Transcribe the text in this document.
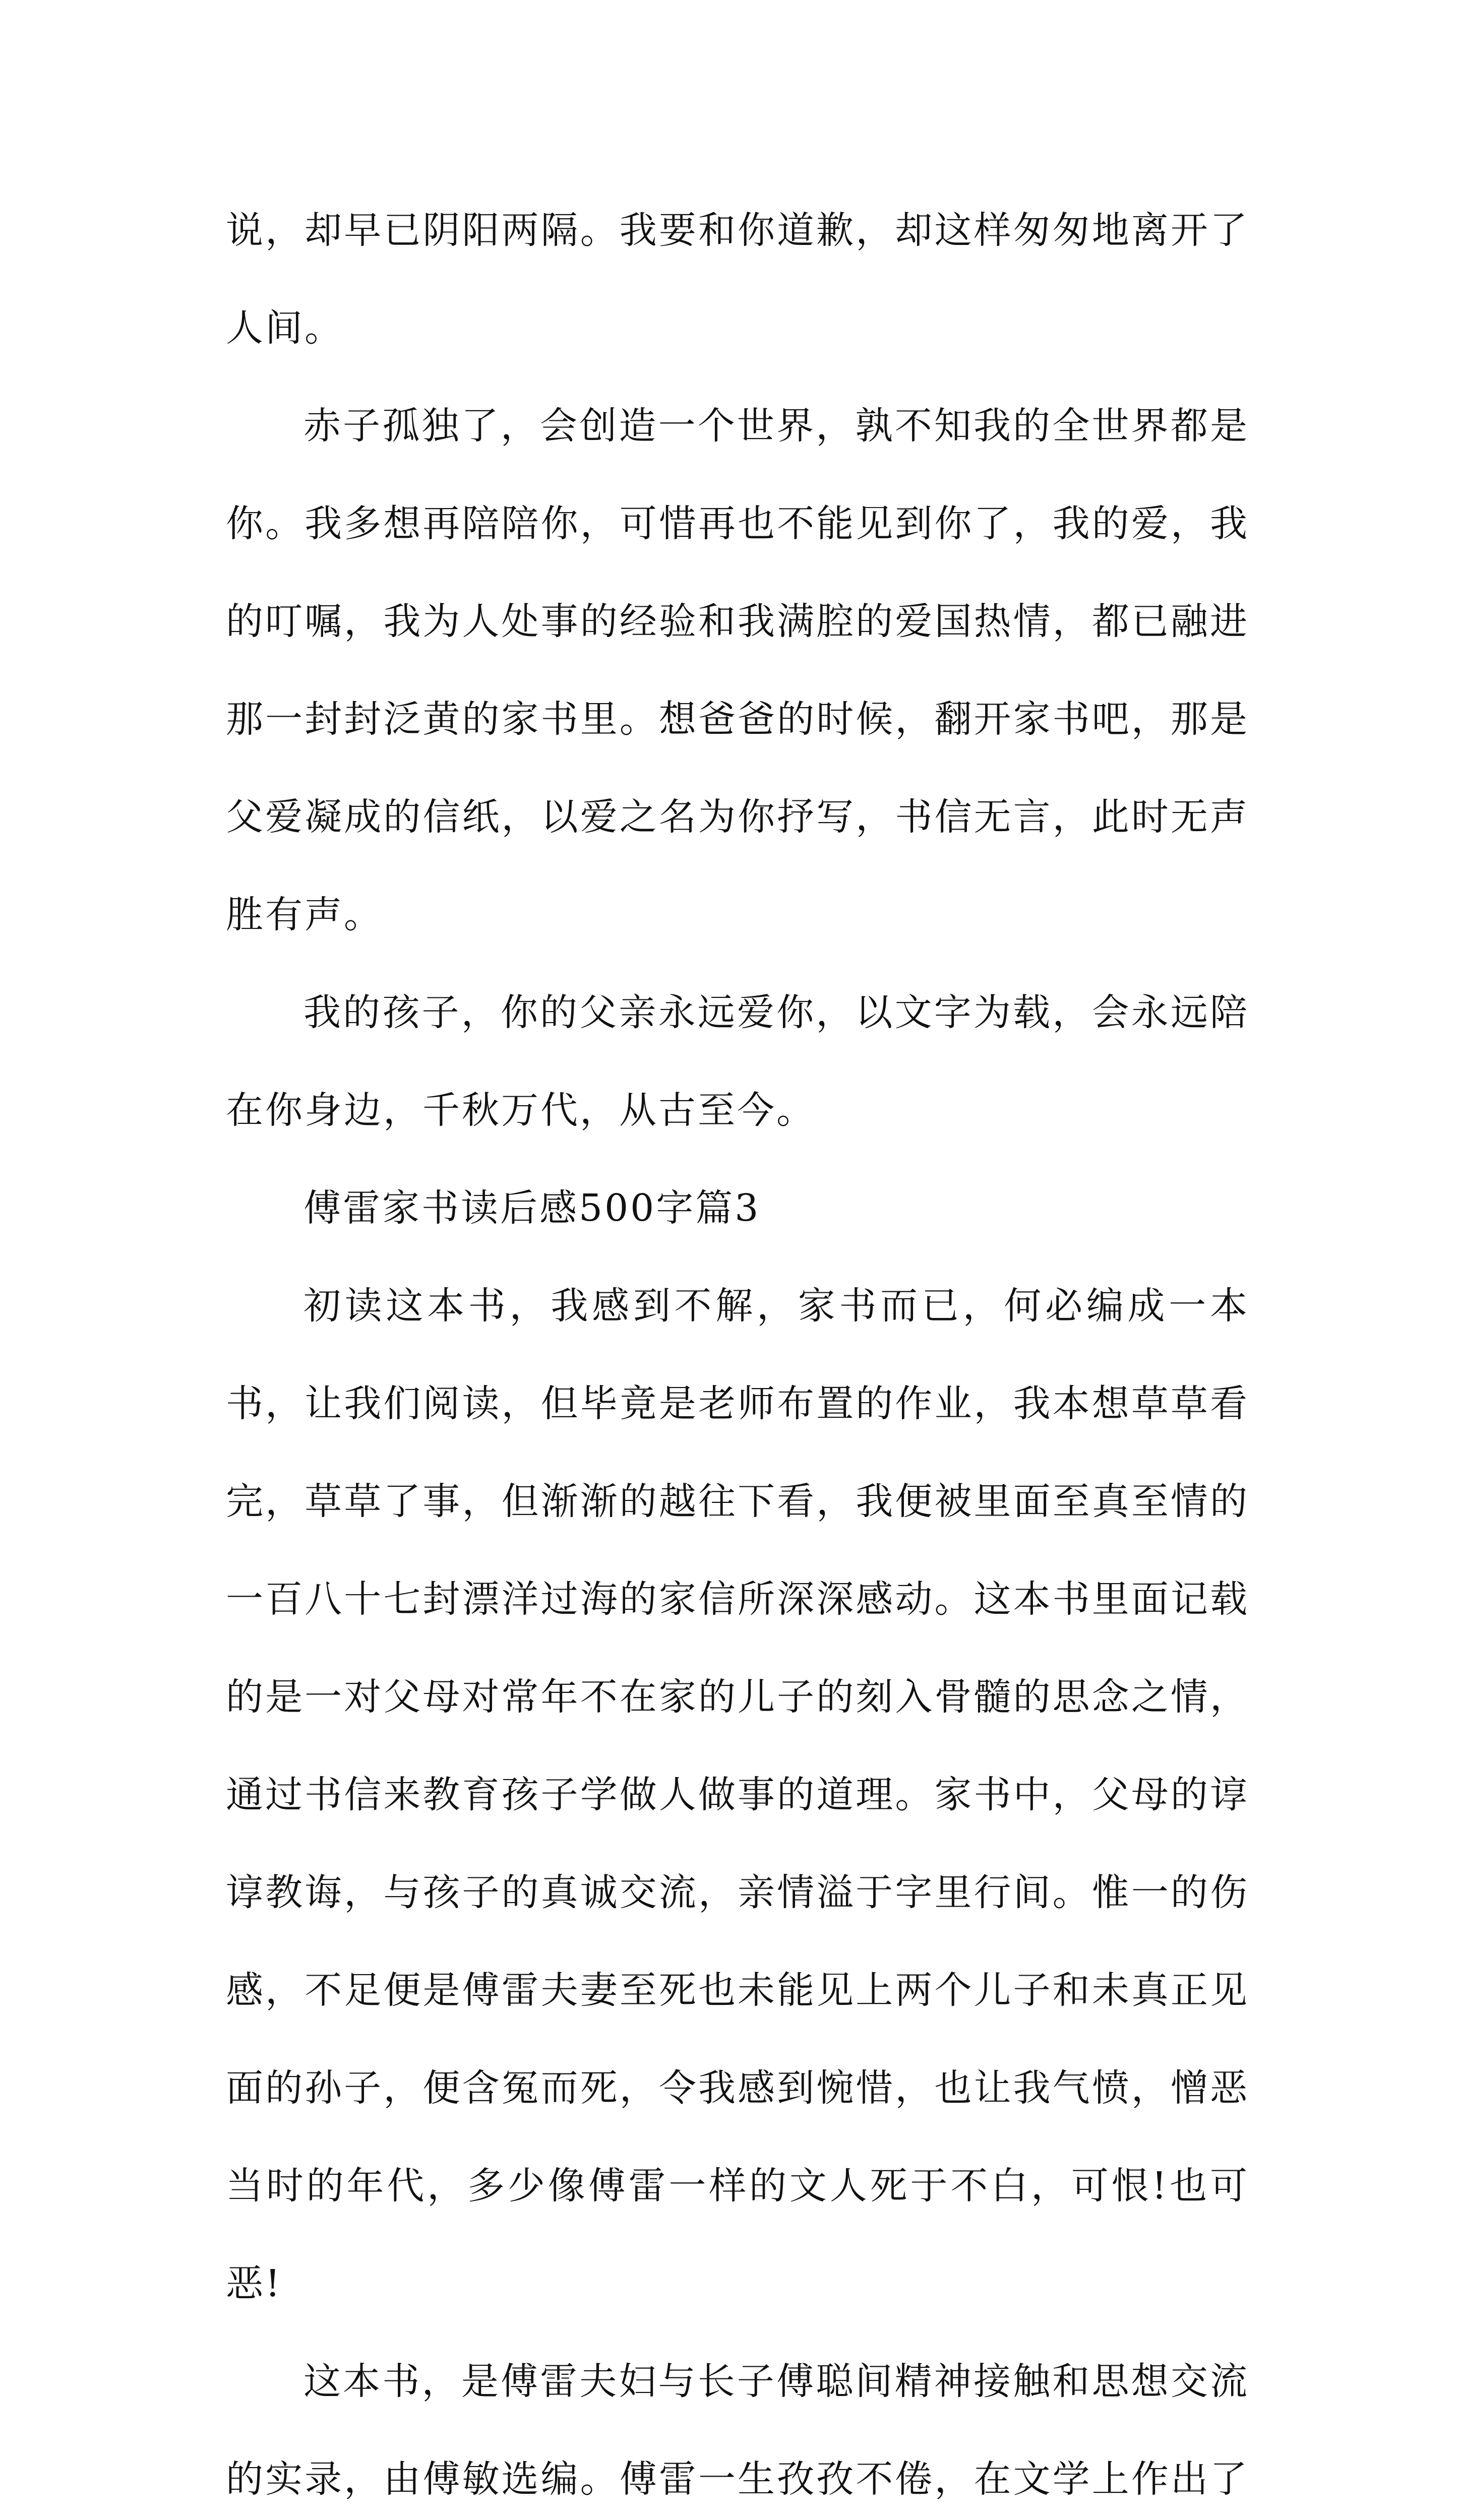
说，却早已阴阳两隔。我要和你道歉，却这样匆匆地离开了人间。

赤子孤独了，会创造一个世界，孰不知我的全世界都是你。我多想再陪陪你，可惜再也不能见到你了，我的爱，我的叮嘱，我为人处事的经验和我满腔的爱国热情，都已融进那一封封泛黄的家书里。想爸爸的时候，翻开家书吧，那是父爱凝成的信纸，以爱之名为你抒写，书信无言，此时无声胜有声。

我的孩子，你的父亲永远爱你，以文字为载，会永远陪在你身边，千秋万代，从古至今。

傅雷家书读后感500字篇3

初读这本书，我感到不解，家书而已，何必编成一本书，让我们阅读，但毕竟是老师布置的作业，我本想草草看完，草草了事，但渐渐的越往下看，我便被里面至真至情的一百八十七封漂洋过海的家信所深深感动。这本书里面记载的是一对父母对常年不在家的儿子的刻入骨髓的思念之情，通过书信来教育孩子学做人做事的道理。家书中，父母的谆谆教诲，与孩子的真诚交流，亲情溢于字里行间。惟一的伤感，不足便是傅雷夫妻至死也未能见上两个儿子和未真正见面的孙子，便含冤而死，令我感到惋惜，也让我气愤，憎恶当时的年代，多少像傅雷一样的文人死于不白，可恨!也可恶!

这本书，是傅雷夫妇与长子傅聪间精神接触和思想交流的实录，由傅敏选编。傅雷一生孜孜不倦，在文学上作出了
